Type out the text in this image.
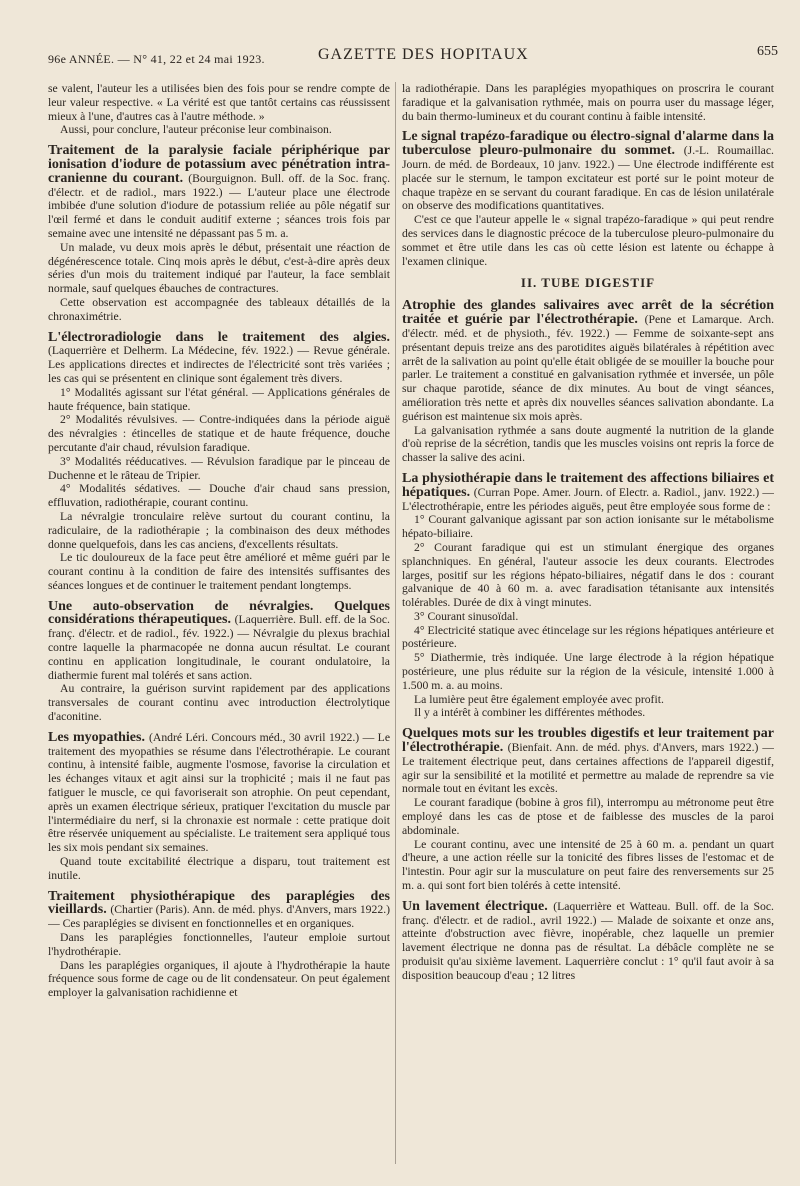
96e ANNÉE. — N° 41, 22 et 24 mai 1923.	GAZETTE DES HOPITAUX	655

se valent, l'auteur les a utilisées bien des fois pour se rendre compte de leur valeur respective. « La vérité est que tantôt certains cas réussissent mieux à l'une, d'autres cas à l'autre méthode. »

Aussi, pour conclure, l'auteur préconise leur combinaison.

Traitement de la paralysie faciale périphérique par ionisation d'iodure de potassium avec pénétration intra-cranienne du courant. (Bourguignon. Bull. off. de la Soc. franç. d'électr. et de radiol., mars 1922.) — L'auteur place une électrode imbibée d'une solution d'iodure de potassium reliée au pôle négatif sur l'œil fermé et dans le conduit auditif externe ; séances trois fois par semaine avec une intensité ne dépassant pas 5 m. a.

Un malade, vu deux mois après le début, présentait une réaction de dégénérescence totale. Cinq mois après le début, c'est-à-dire après deux séries d'un mois du traitement indiqué par l'auteur, la face semblait normale, sauf quelques ébauches de contractures.

Cette observation est accompagnée des tableaux détaillés de la chronaximétrie.

L'électroradiologie dans le traitement des algies. (Laquerrière et Delherm. La Médecine, fév. 1922.) — Revue générale. Les applications directes et indirectes de l'électricité sont très variées ; les cas qui se présentent en clinique sont également très divers.

1° Modalités agissant sur l'état général. — Applications générales de haute fréquence, bain statique.

2° Modalités révulsives. — Contre-indiquées dans la période aiguë des névralgies : étincelles de statique et de haute fréquence, douche percutante d'air chaud, révulsion faradique.

3° Modalités rééducatives. — Révulsion faradique par le pinceau de Duchenne et le râteau de Tripier.

4° Modalités sédatives. — Douche d'air chaud sans pression, effluvation, radiothérapie, courant continu.

La névralgie tronculaire relève surtout du courant continu, la radiculaire, de la radiothérapie ; la combinaison des deux méthodes donne quelquefois, dans les cas anciens, d'excellents résultats.

Le tic douloureux de la face peut être amélioré et même guéri par le courant continu à la condition de faire des intensités suffisantes des séances longues et de continuer le traitement pendant longtemps.

Une auto-observation de névralgies. Quelques considérations thérapeutiques. (Laquerrière. Bull. eff. de la Soc. franç. d'électr. et de radiol., fév. 1922.) — Névralgie du plexus brachial contre laquelle la pharmacopée ne donna aucun résultat. Le courant continu en application longitudinale, le courant ondulatoire, la diathermie furent mal tolérés et sans action.

Au contraire, la guérison survint rapidement par des applications transversales de courant continu avec introduction électrolytique d'aconitine.

Les myopathies. (André Léri. Concours méd., 30 avril 1922.) — Le traitement des myopathies se résume dans l'électrothérapie. Le courant continu, à intensité faible, augmente l'osmose, favorise la circulation et les échanges vitaux et agit ainsi sur la trophicité ; mais il ne faut pas fatiguer le muscle, ce qui favoriserait son atrophie. On peut cependant, après un examen électrique sérieux, pratiquer l'excitation du muscle par l'intermédiaire du nerf, si la chronaxie est normale : cette pratique doit être réservée uniquement au spécialiste. Le traitement sera appliqué tous les six mois pendant six semaines.

Quand toute excitabilité électrique a disparu, tout traitement est inutile.

Traitement physiothérapique des paraplégies des vieillards. (Chartier (Paris). Ann. de méd. phys. d'Anvers, mars 1922.) — Ces paraplégies se divisent en fonctionnelles et en organiques.

Dans les paraplégies fonctionnelles, l'auteur emploie surtout l'hydrothérapie.

Dans les paraplégies organiques, il ajoute à l'hydrothérapie la haute fréquence sous forme de cage ou de lit condensateur. On peut également employer la galvanisation rachidienne et

la radiothérapie. Dans les paraplégies myopathiques on proscrira le courant faradique et la galvanisation rythmée, mais on pourra user du massage léger, du bain thermo-lumineux et du courant continu à faible intensité.

Le signal trapézo-faradique ou électro-signal d'alarme dans la tuberculose pleuro-pulmonaire du sommet. (J.-L. Roumaillac. Journ. de méd. de Bordeaux, 10 janv. 1922.) — Une électrode indifférente est placée sur le sternum, le tampon excitateur est porté sur le point moteur de chaque trapèze en se servant du courant faradique. En cas de lésion unilatérale on observe des modifications quantitatives.

C'est ce que l'auteur appelle le « signal trapézo-faradique » qui peut rendre des services dans le diagnostic précoce de la tuberculose pleuro-pulmonaire du sommet et être utile dans les cas où cette lésion est latente ou échappe à l'examen clinique.

II. TUBE DIGESTIF

Atrophie des glandes salivaires avec arrêt de la sécrétion traitée et guérie par l'électrothérapie. (Pene et Lamarque. Arch. d'électr. méd. et de physioth., fév. 1922.) — Femme de soixante-sept ans présentant depuis treize ans des parotidites aiguës bilatérales à répétition avec arrêt de la salivation au point qu'elle était obligée de se mouiller la bouche pour parler. Le traitement a constitué en galvanisation rythmée et inversée, un pôle sur chaque parotide, séance de dix minutes. Au bout de vingt séances, amélioration très nette et après dix nouvelles séances salivation abondante. La guérison est maintenue six mois après.

La galvanisation rythmée a sans doute augmenté la nutrition de la glande d'où reprise de la sécrétion, tandis que les muscles voisins ont repris la force de chasser la salive des acini.

La physiothérapie dans le traitement des affections biliaires et hépatiques. (Curran Pope. Amer. Journ. of Electr. a. Radiol., janv. 1922.) — L'électrothérapie, entre les périodes aiguës, peut être employée sous forme de :

1° Courant galvanique agissant par son action ionisante sur le métabolisme hépato-biliaire.

2° Courant faradique qui est un stimulant énergique des organes splanchniques. En général, l'auteur associe les deux courants. Electrodes larges, positif sur les régions hépato-biliaires, négatif dans le dos : courant galvanique de 40 à 60 m. a. avec faradisation tétanisante aux intensités tolérables. Durée de dix à vingt minutes.

3° Courant sinusoïdal.

4° Electricité statique avec étincelage sur les régions hépatiques antérieure et postérieure.

5° Diathermie, très indiquée. Une large électrode à la région hépatique postérieure, une plus réduite sur la région de la vésicule, intensité 1.000 à 1.500 m. a. au moins.

La lumière peut être également employée avec profit.

Il y a intérêt à combiner les différentes méthodes.

Quelques mots sur les troubles digestifs et leur traitement par l'électrothérapie. (Bienfait. Ann. de méd. phys. d'Anvers, mars 1922.) — Le traitement électrique peut, dans certaines affections de l'appareil digestif, agir sur la sensibilité et la motilité et permettre au malade de reprendre sa vie normale tout en évitant les excès.

Le courant faradique (bobine à gros fil), interrompu au métronome peut être employé dans les cas de ptose et de faiblesse des muscles de la paroi abdominale.

Le courant continu, avec une intensité de 25 à 60 m. a. pendant un quart d'heure, a une action réelle sur la tonicité des fibres lisses de l'estomac et de l'intestin. Pour agir sur la musculature on peut faire des renversements sur 25 m. a. qui sont fort bien tolérés à cette intensité.

Un lavement électrique. (Laquerrière et Watteau. Bull. off. de la Soc. franç. d'électr. et de radiol., avril 1922.) — Malade de soixante et onze ans, atteinte d'obstruction avec fièvre, inopérable, chez laquelle un premier lavement électrique ne donna pas de résultat. La débâcle complète ne se produisit qu'au sixième lavement. Laquerrière conclut : 1° qu'il faut avoir à sa disposition beaucoup d'eau ; 12 litres
